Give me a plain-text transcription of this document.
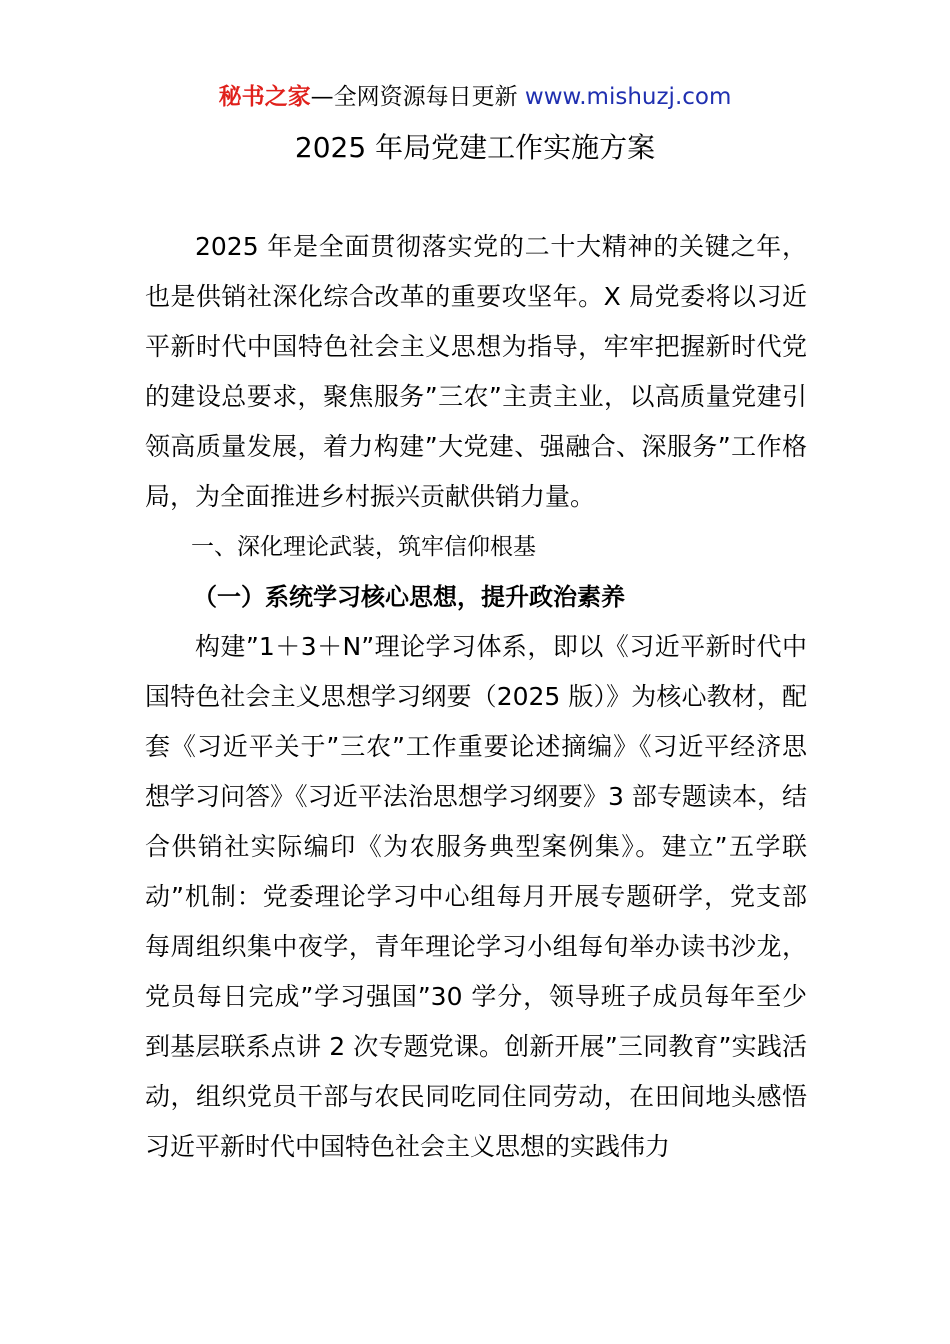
秘书之家—全网资源每日更新 www.mishuzj.com
2025 年局党建工作实施方案

2025 年是全面贯彻落实党的二十大精神的关键之年，也是供销社深化综合改革的重要攻坚年。X 局党委将以习近平新时代中国特色社会主义思想为指导，牢牢把握新时代党的建设总要求，聚焦服务”三农”主责主业，以高质量党建引领高质量发展，着力构建”大党建、强融合、深服务”工作格局，为全面推进乡村振兴贡献供销力量。

一、深化理论武装，筑牢信仰根基

（一）系统学习核心思想，提升政治素养

构建”1＋3＋N”理论学习体系，即以《习近平新时代中国特色社会主义思想学习纲要（2025 版）》为核心教材，配套《习近平关于”三农”工作重要论述摘编》《习近平经济思想学习问答》《习近平法治思想学习纲要》3 部专题读本，结合供销社实际编印《为农服务典型案例集》。建立”五学联动”机制：党委理论学习中心组每月开展专题研学，党支部每周组织集中夜学，青年理论学习小组每旬举办读书沙龙，党员每日完成”学习强国”30 学分，领导班子成员每年至少到基层联系点讲 2 次专题党课。创新开展”三同教育”实践活动，组织党员干部与农民同吃同住同劳动，在田间地头感悟习近平新时代中国特色社会主义思想的实践伟力
